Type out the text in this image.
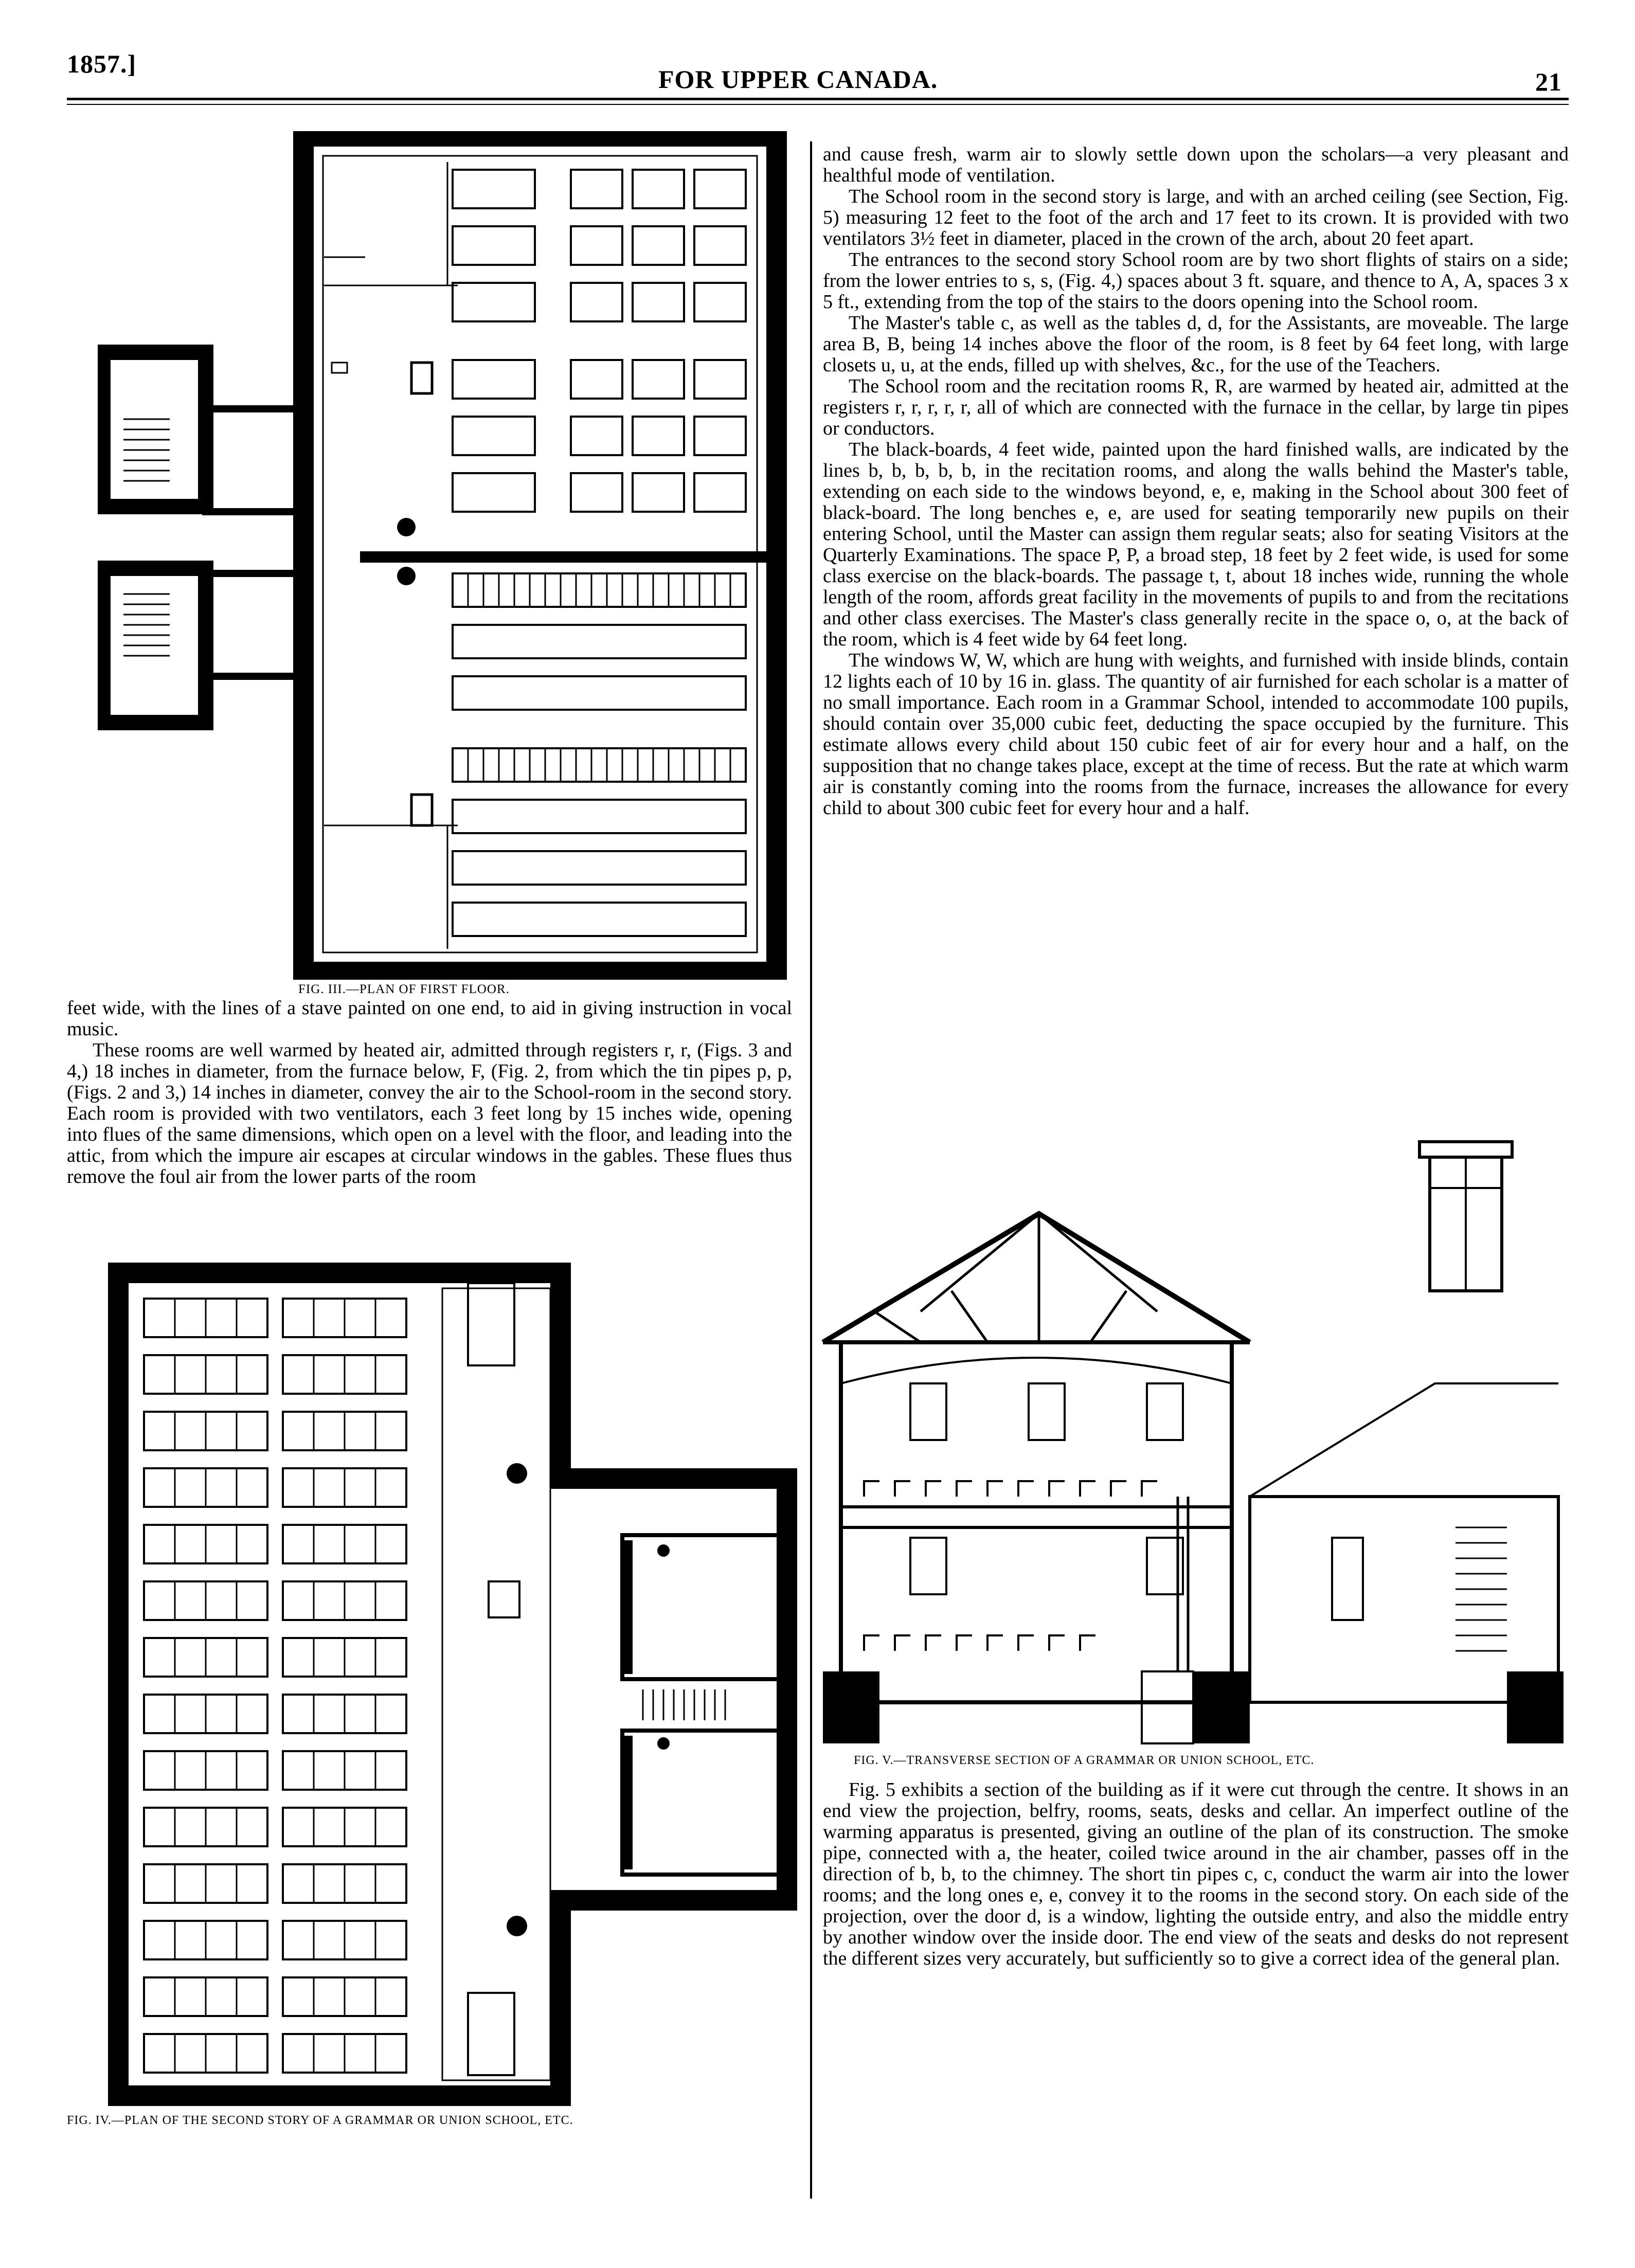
1857.]
FOR UPPER CANADA.	21
FIG. III.—PLAN OF FIRST FLOOR.

feet wide, with the lines of a stave painted on one end, to aid in giving instruction in vocal music.

These rooms are well warmed by heated air, admitted through registers r, r, (Figs. 3 and 4,) 18 inches in diameter, from the furnace below, F, (Fig. 2, from which the tin pipes p, p, (Figs. 2 and 3,) 14 inches in diameter, convey the air to the School-room in the second story. Each room is provided with two ventilators, each 3 feet long by 15 inches wide, opening into flues of the same dimensions, which open on a level with the floor, and leading into the attic, from which the impure air escapes at circular windows in the gables. These flues thus remove the foul air from the lower parts of the room

FIG. IV.—PLAN OF THE SECOND STORY OF A GRAMMAR OR UNION SCHOOL, ETC.

and cause fresh, warm air to slowly settle down upon the scholars—a very pleasant and healthful mode of ventilation.

The School room in the second story is large, and with an arched ceiling (see Section, Fig. 5) measuring 12 feet to the foot of the arch and 17 feet to its crown. It is provided with two ventilators 3½ feet in diameter, placed in the crown of the arch, about 20 feet apart.

The entrances to the second story School room are by two short flights of stairs on a side; from the lower entries to s, s, (Fig. 4,) spaces about 3 ft. square, and thence to A, A, spaces 3 x 5 ft., extending from the top of the stairs to the doors opening into the School room.

The Master's table c, as well as the tables d, d, for the Assistants, are moveable. The large area B, B, being 14 inches above the floor of the room, is 8 feet by 64 feet long, with large closets u, u, at the ends, filled up with shelves, &c., for the use of the Teachers.

The School room and the recitation rooms R, R, are warmed by heated air, admitted at the registers r, r, r, r, r, all of which are connected with the furnace in the cellar, by large tin pipes or conductors.

The black-boards, 4 feet wide, painted upon the hard finished walls, are indicated by the lines b, b, b, b, b, in the recitation rooms, and along the walls behind the Master's table, extending on each side to the windows beyond, e, e, making in the School about 300 feet of black-board. The long benches e, e, are used for seating temporarily new pupils on their entering School, until the Master can assign them regular seats; also for seating Visitors at the Quarterly Examinations. The space P, P, a broad step, 18 feet by 2 feet wide, is used for some class exercise on the black-boards. The passage t, t, about 18 inches wide, running the whole length of the room, affords great facility in the movements of pupils to and from the recitations and other class exercises. The Master's class generally recite in the space o, o, at the back of the room, which is 4 feet wide by 64 feet long.

The windows W, W, which are hung with weights, and furnished with inside blinds, contain 12 lights each of 10 by 16 in. glass. The quantity of air furnished for each scholar is a matter of no small importance. Each room in a Grammar School, intended to accommodate 100 pupils, should contain over 35,000 cubic feet, deducting the space occupied by the furniture. This estimate allows every child about 150 cubic feet of air for every hour and a half, on the supposition that no change takes place, except at the time of recess. But the rate at which warm air is constantly coming into the rooms from the furnace, increases the allowance for every child to about 300 cubic feet for every hour and a half.

FIG. V.—TRANSVERSE SECTION OF A GRAMMAR OR UNION SCHOOL, ETC.

Fig. 5 exhibits a section of the building as if it were cut through the centre. It shows in an end view the projection, belfry, rooms, seats, desks and cellar. An imperfect outline of the warming apparatus is presented, giving an outline of the plan of its construction. The smoke pipe, connected with a, the heater, coiled twice around in the air chamber, passes off in the direction of b, b, to the chimney. The short tin pipes c, c, conduct the warm air into the lower rooms; and the long ones e, e, convey it to the rooms in the second story. On each side of the projection, over the door d, is a window, lighting the outside entry, and also the middle entry by another window over the inside door. The end view of the seats and desks do not represent the different sizes very accurately, but sufficiently so to give a correct idea of the general plan.
